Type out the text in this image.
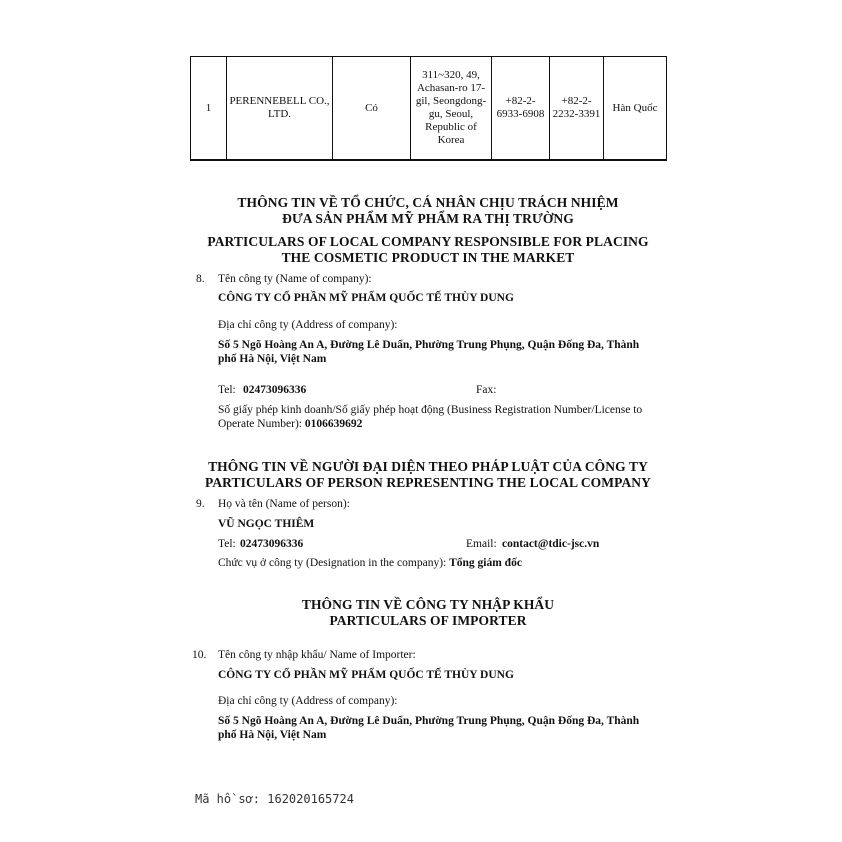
1	PERENNEBELL CO., LTD.	Có	311~320, 49, Achasan-ro 17-gil, Seongdong-gu, Seoul, Republic of Korea	+82-2-6933-6908	+82-2-2232-3391	Hàn Quốc
THÔNG TIN VỀ TỔ CHỨC, CÁ NHÂN CHỊU TRÁCH NHIỆM
ĐƯA SẢN PHẨM MỸ PHẨM RA THỊ TRƯỜNG
PARTICULARS OF LOCAL COMPANY RESPONSIBLE FOR PLACING
THE COSMETIC PRODUCT IN THE MARKET
8. Tên công ty (Name of company):
CÔNG TY CỔ PHẦN MỸ PHẨM QUỐC TẾ THÙY DUNG
Địa chỉ công ty (Address of company):
Số 5 Ngõ Hoàng An A, Đường Lê Duẩn, Phường Trung Phụng, Quận Đống Đa, Thành
phố Hà Nội, Việt Nam
Tel: 02473096336	Fax:
Số giấy phép kinh doanh/Số giấy phép hoạt động (Business Registration Number/License to
Operate Number): 0106639692
THÔNG TIN VỀ NGƯỜI ĐẠI DIỆN THEO PHÁP LUẬT CỦA CÔNG TY
PARTICULARS OF PERSON REPRESENTING THE LOCAL COMPANY
9. Họ và tên (Name of person):
VŨ NGỌC THIÊM
Tel: 02473096336	Email: contact@tdic-jsc.vn
Chức vụ ở công ty (Designation in the company): Tổng giám đốc
THÔNG TIN VỀ CÔNG TY NHẬP KHẨU
PARTICULARS OF IMPORTER
10. Tên công ty nhập khẩu/ Name of Importer:
CÔNG TY CỔ PHẦN MỸ PHẨM QUỐC TẾ THÙY DUNG
Địa chỉ công ty (Address of company):
Số 5 Ngõ Hoàng An A, Đường Lê Duẩn, Phường Trung Phụng, Quận Đống Đa, Thành
phố Hà Nội, Việt Nam
Mã hồ sơ: 162020165724
